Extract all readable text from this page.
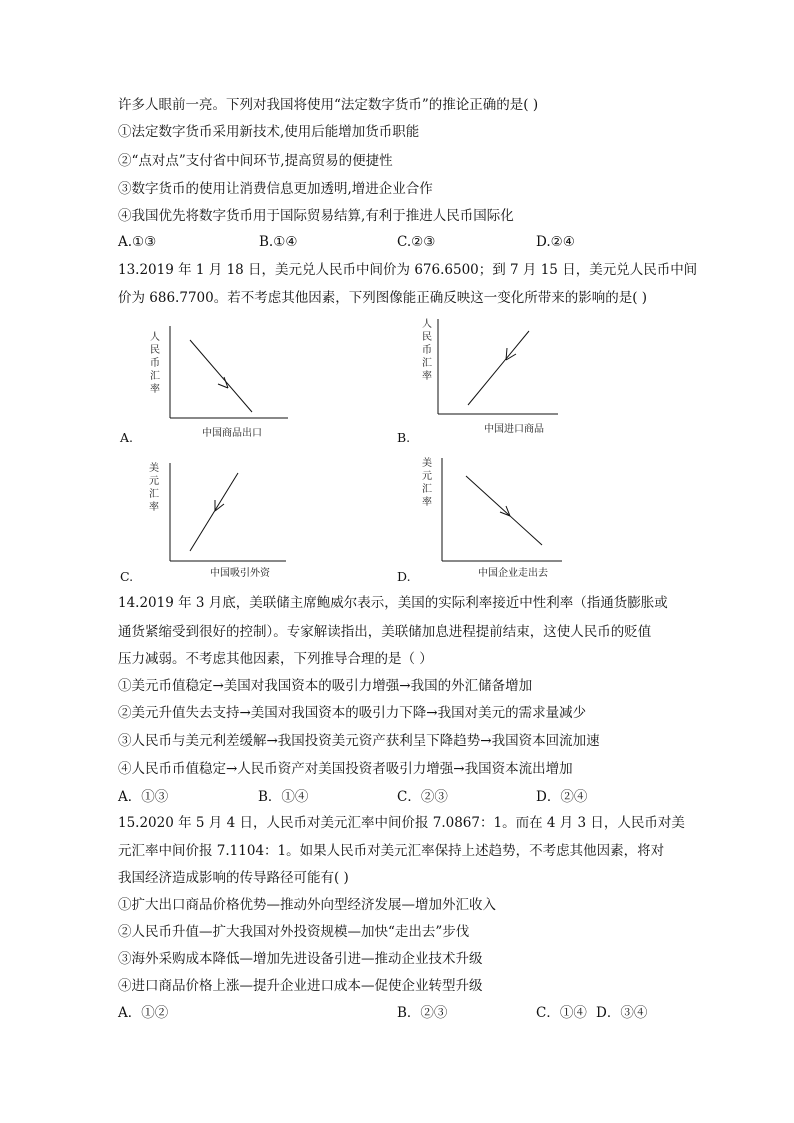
许多人眼前一亮。下列对我国将使用“法定数字货币”的推论正确的是( )
①法定数字货币采用新技术,使用后能增加货币职能
②“点对点”支付省中间环节,提高贸易的便捷性
③数字货币的使用让消费信息更加透明,增进企业合作
④我国优先将数字货币用于国际贸易结算,有利于推进人民币国际化
A.①③	B.①④	C.②③	D.②④
13.2019 年 1 月 18 日，美元兑人民币中间价为 676.6500；到 7 月 15 日，美元兑人民币中间
价为 686.7700。若不考虑其他因素，下列图像能正确反映这一变化所带来的影响的是( )
人
民
币
汇
率
中国商品出口
A.
人
民
币
汇
率
中国进口商品
B.
美
元
汇
率
中国吸引外资
C.
美
元
汇
率
中国企业走出去
D.
14.2019 年 3 月底，美联储主席鲍威尔表示，美国的实际利率接近中性利率（指通货膨胀或
通货紧缩受到很好的控制）。专家解读指出，美联储加息进程提前结束，这使人民币的贬值
压力减弱。不考虑其他因素，下列推导合理的是（ ）
①美元币值稳定→美国对我国资本的吸引力增强→我国的外汇储备增加
②美元升值失去支持→美国对我国资本的吸引力下降→我国对美元的需求量减少
③人民币与美元利差缓解→我国投资美元资产获利呈下降趋势→我国资本回流加速
④人民币币值稳定→人民币资产对美国投资者吸引力增强→我国资本流出增加
A．①③	B．①④	C．②③	D．②④
15.2020 年 5 月 4 日，人民币对美元汇率中间价报 7.0867：1。而在 4 月 3 日，人民币对美
元汇率中间价报 7.1104：1。如果人民币对美元汇率保持上述趋势，不考虑其他因素，将对
我国经济造成影响的传导路径可能有( )
①扩大出口商品价格优势—推动外向型经济发展—增加外汇收入
②人民币升值—扩大我国对外投资规模—加快“走出去”步伐
③海外采购成本降低—增加先进设备引进—推动企业技术升级
④进口商品价格上涨—提升企业进口成本—促使企业转型升级
A．①②	B．②③	C．①④ D．③④
